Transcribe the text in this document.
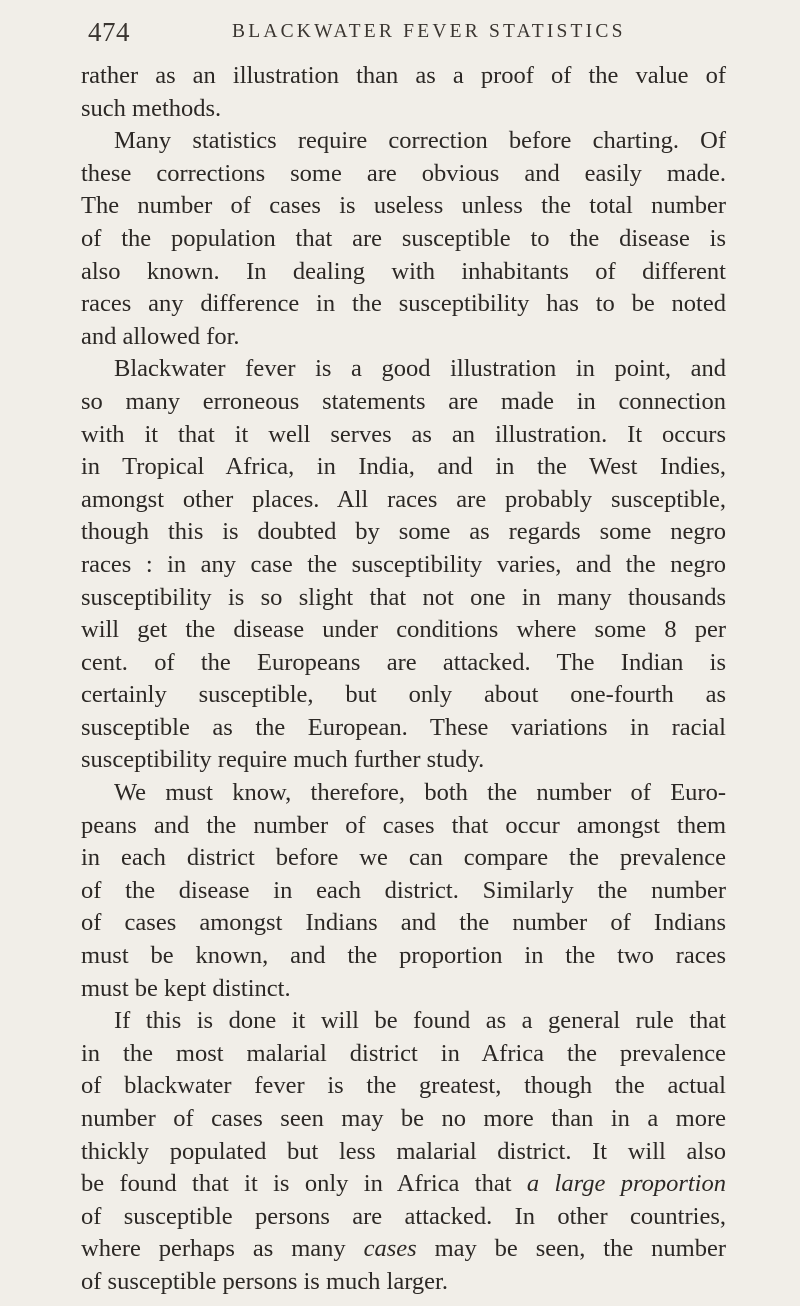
474	BLACKWATER FEVER STATISTICS
rather as an illustration than as a proof of the value of
such methods.
Many statistics require correction before charting. Of
these corrections some are obvious and easily made.
The number of cases is useless unless the total number
of the population that are susceptible to the disease is
also known. In dealing with inhabitants of different
races any difference in the susceptibility has to be noted
and allowed for.
Blackwater fever is a good illustration in point, and
so many erroneous statements are made in connection
with it that it well serves as an illustration. It occurs
in Tropical Africa, in India, and in the West Indies,
amongst other places. All races are probably susceptible,
though this is doubted by some as regards some negro
races : in any case the susceptibility varies, and the negro
susceptibility is so slight that not one in many thousands
will get the disease under conditions where some 8 per
cent. of the Europeans are attacked. The Indian is
certainly susceptible, but only about one-fourth as
susceptible as the European. These variations in racial
susceptibility require much further study.
We must know, therefore, both the number of Euro-
peans and the number of cases that occur amongst them
in each district before we can compare the prevalence
of the disease in each district. Similarly the number
of cases amongst Indians and the number of Indians
must be known, and the proportion in the two races
must be kept distinct.
If this is done it will be found as a general rule that
in the most malarial district in Africa the prevalence
of blackwater fever is the greatest, though the actual
number of cases seen may be no more than in a more
thickly populated but less malarial district. It will also
be found that it is only in Africa that a large proportion
of susceptible persons are attacked. In other countries,
where perhaps as many cases may be seen, the number
of susceptible persons is much larger.
